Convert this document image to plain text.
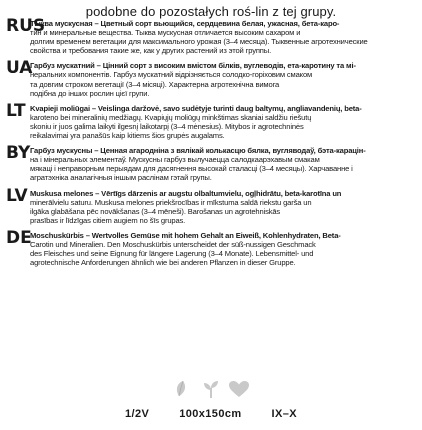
podobne do pozostałych roś-lin z tej grupy.
RUS
Тыква мускусная – Цветный сорт вьющийся, сердцевина белая, ужасная, бета-каро-
тин и минеральные вещества. Тыква мускусная отличается высоким сахаром и
долгим временем вегетации для максимального урожая (3–4 месяца). Тыквенные агротехнические
свойства и требования такие же, как у других растений из этой группы.
UA
Гарбуз мускатний – Цінний сорт з високим вмістом білків, вуглеводів, ета-каротину та мі-
неральних компонентів. Гарбуз мускатний відрізняється солодко-горіховим смаком
та довгим строком вегетації (3–4 місяці). Характерна агротехнічна вимога
подібна до інших рослин цієї групи.
LT Kvapieji moliūgai – Veislinga daržovė, savo sudėtyje turinti daug baltymų, angliavandenių, beta-
karoteno bei mineralinių medžiagų. Kvapiųjų moliūgų minkštimas skaniai saldžiu riešutų
skoniu ir juos galima laikyti ilgesnį laikotarpį (3–4 mėnesius). Mitybos ir agrotechninės
reikalavimai yra panašūs kaip kitiems šios grupės augalams.
BY Гарбуз мускусны – Ценная агародніна з вялікай колькасцю бялка, вугляводаў, бэта-карацін-
на і мінеральных элементаў. Мускусны гарбуз вылучаецца салодкаарэхавым смакам
мякаці і неправорным перыядам для дасягнення высокай сталасці (3–4 месяцы). Харчаванне і
агратэхніка аналагічныя іншым раслінам гэтай групы.
LV Muskusa melones – Vērtīgs dārzenis ar augstu olbaltumvielu, ogļhidrātu, beta-karotīna un
minerālvielu saturu. Muskusa melones priekšrocības ir mīkstuma saldā riekstu garša un
ilgāka glabāšana pēc novākšanas (3–4 mēneši). Barošanas un agrotehniskās
prasības ir līdzīgas citiem augiem no šīs grupas.
DE
Moschuskürbis – Wertvolles Gemüse mit hohem Gehalt an Eiweiß, Kohlenhydraten, Beta-
Carotin und Mineralien. Den Moschuskürbis unterscheidet der süß-nussigen Geschmack
des Fleisches und seine Eignung für längere Lagerung (3–4 Monate). Lebensmittel- und
agrotechnische Anforderungen ähnlich wie bei anderen Pflanzen in dieser Gruppe.
1/2V	100x150cm	IX–X
